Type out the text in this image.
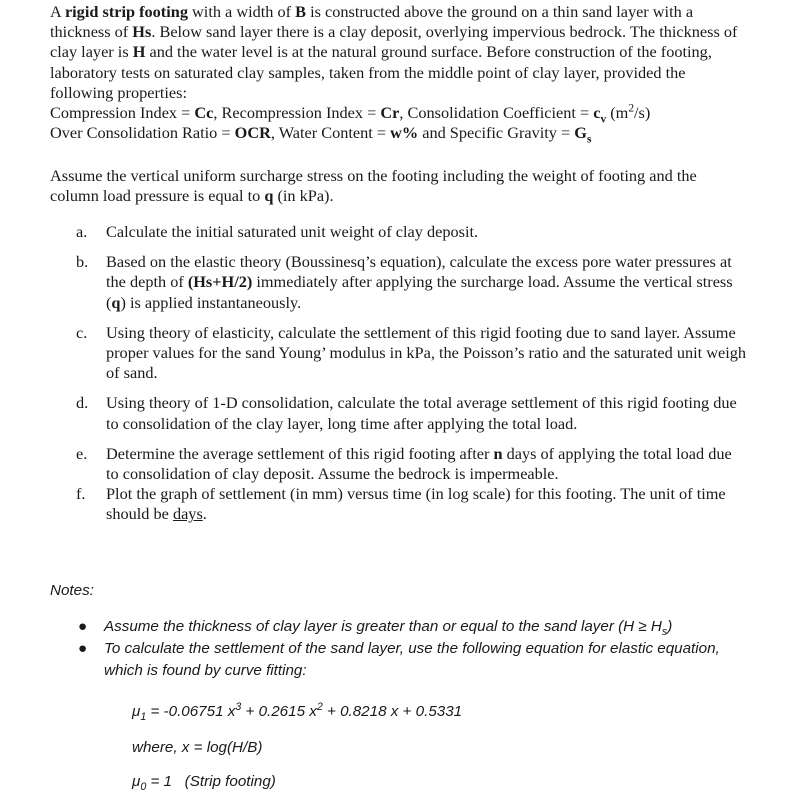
A rigid strip footing with a width of B is constructed above the ground on a thin sand layer with a thickness of Hs. Below sand layer there is a clay deposit, overlying impervious bedrock. The thickness of clay layer is H and the water level is at the natural ground surface. Before construction of the footing, laboratory tests on saturated clay samples, taken from the middle point of clay layer, provided the following properties:
Compression Index = Cc, Recompression Index = Cr, Consolidation Coefficient = $c_v$ $(m^2/s)$
Over Consolidation Ratio = OCR, Water Content = w% and Specific Gravity = $G_s$
Assume the vertical uniform surcharge stress on the footing including the weight of footing and the column load pressure is equal to q (in kPa).
a. Calculate the initial saturated unit weight of clay deposit.
b. Based on the elastic theory (Boussinesq’s equation), calculate the excess pore water pressures at the depth of (Hs+H/2) immediately after applying the surcharge load. Assume the vertical stress (q) is applied instantaneously.
c. Using theory of elasticity, calculate the settlement of this rigid footing due to sand layer. Assume proper values for the sand Young’ modulus in kPa, the Poisson’s ratio and the saturated unit weigh of sand.
d. Using theory of 1-D consolidation, calculate the total average settlement of this rigid footing due to consolidation of the clay layer, long time after applying the total load.
e. Determine the average settlement of this rigid footing after n days of applying the total load due to consolidation of clay deposit. Assume the bedrock is impermeable.
f. Plot the graph of settlement (in mm) versus time (in log scale) for this footing. The unit of time should be days.
Notes:
● Assume the thickness of clay layer is greater than or equal to the sand layer $(H \ge H_s)$
● To calculate the settlement of the sand layer, use the following equation for elastic equation, which is found by curve fitting:
$\mu_1 = -0.06751$ $x^3 + 0.2615$ $x^2 + 0.8218$ x + 0.5331
where, x = log(H/B)
$\mu_0 = 1$   (Strip footing)
